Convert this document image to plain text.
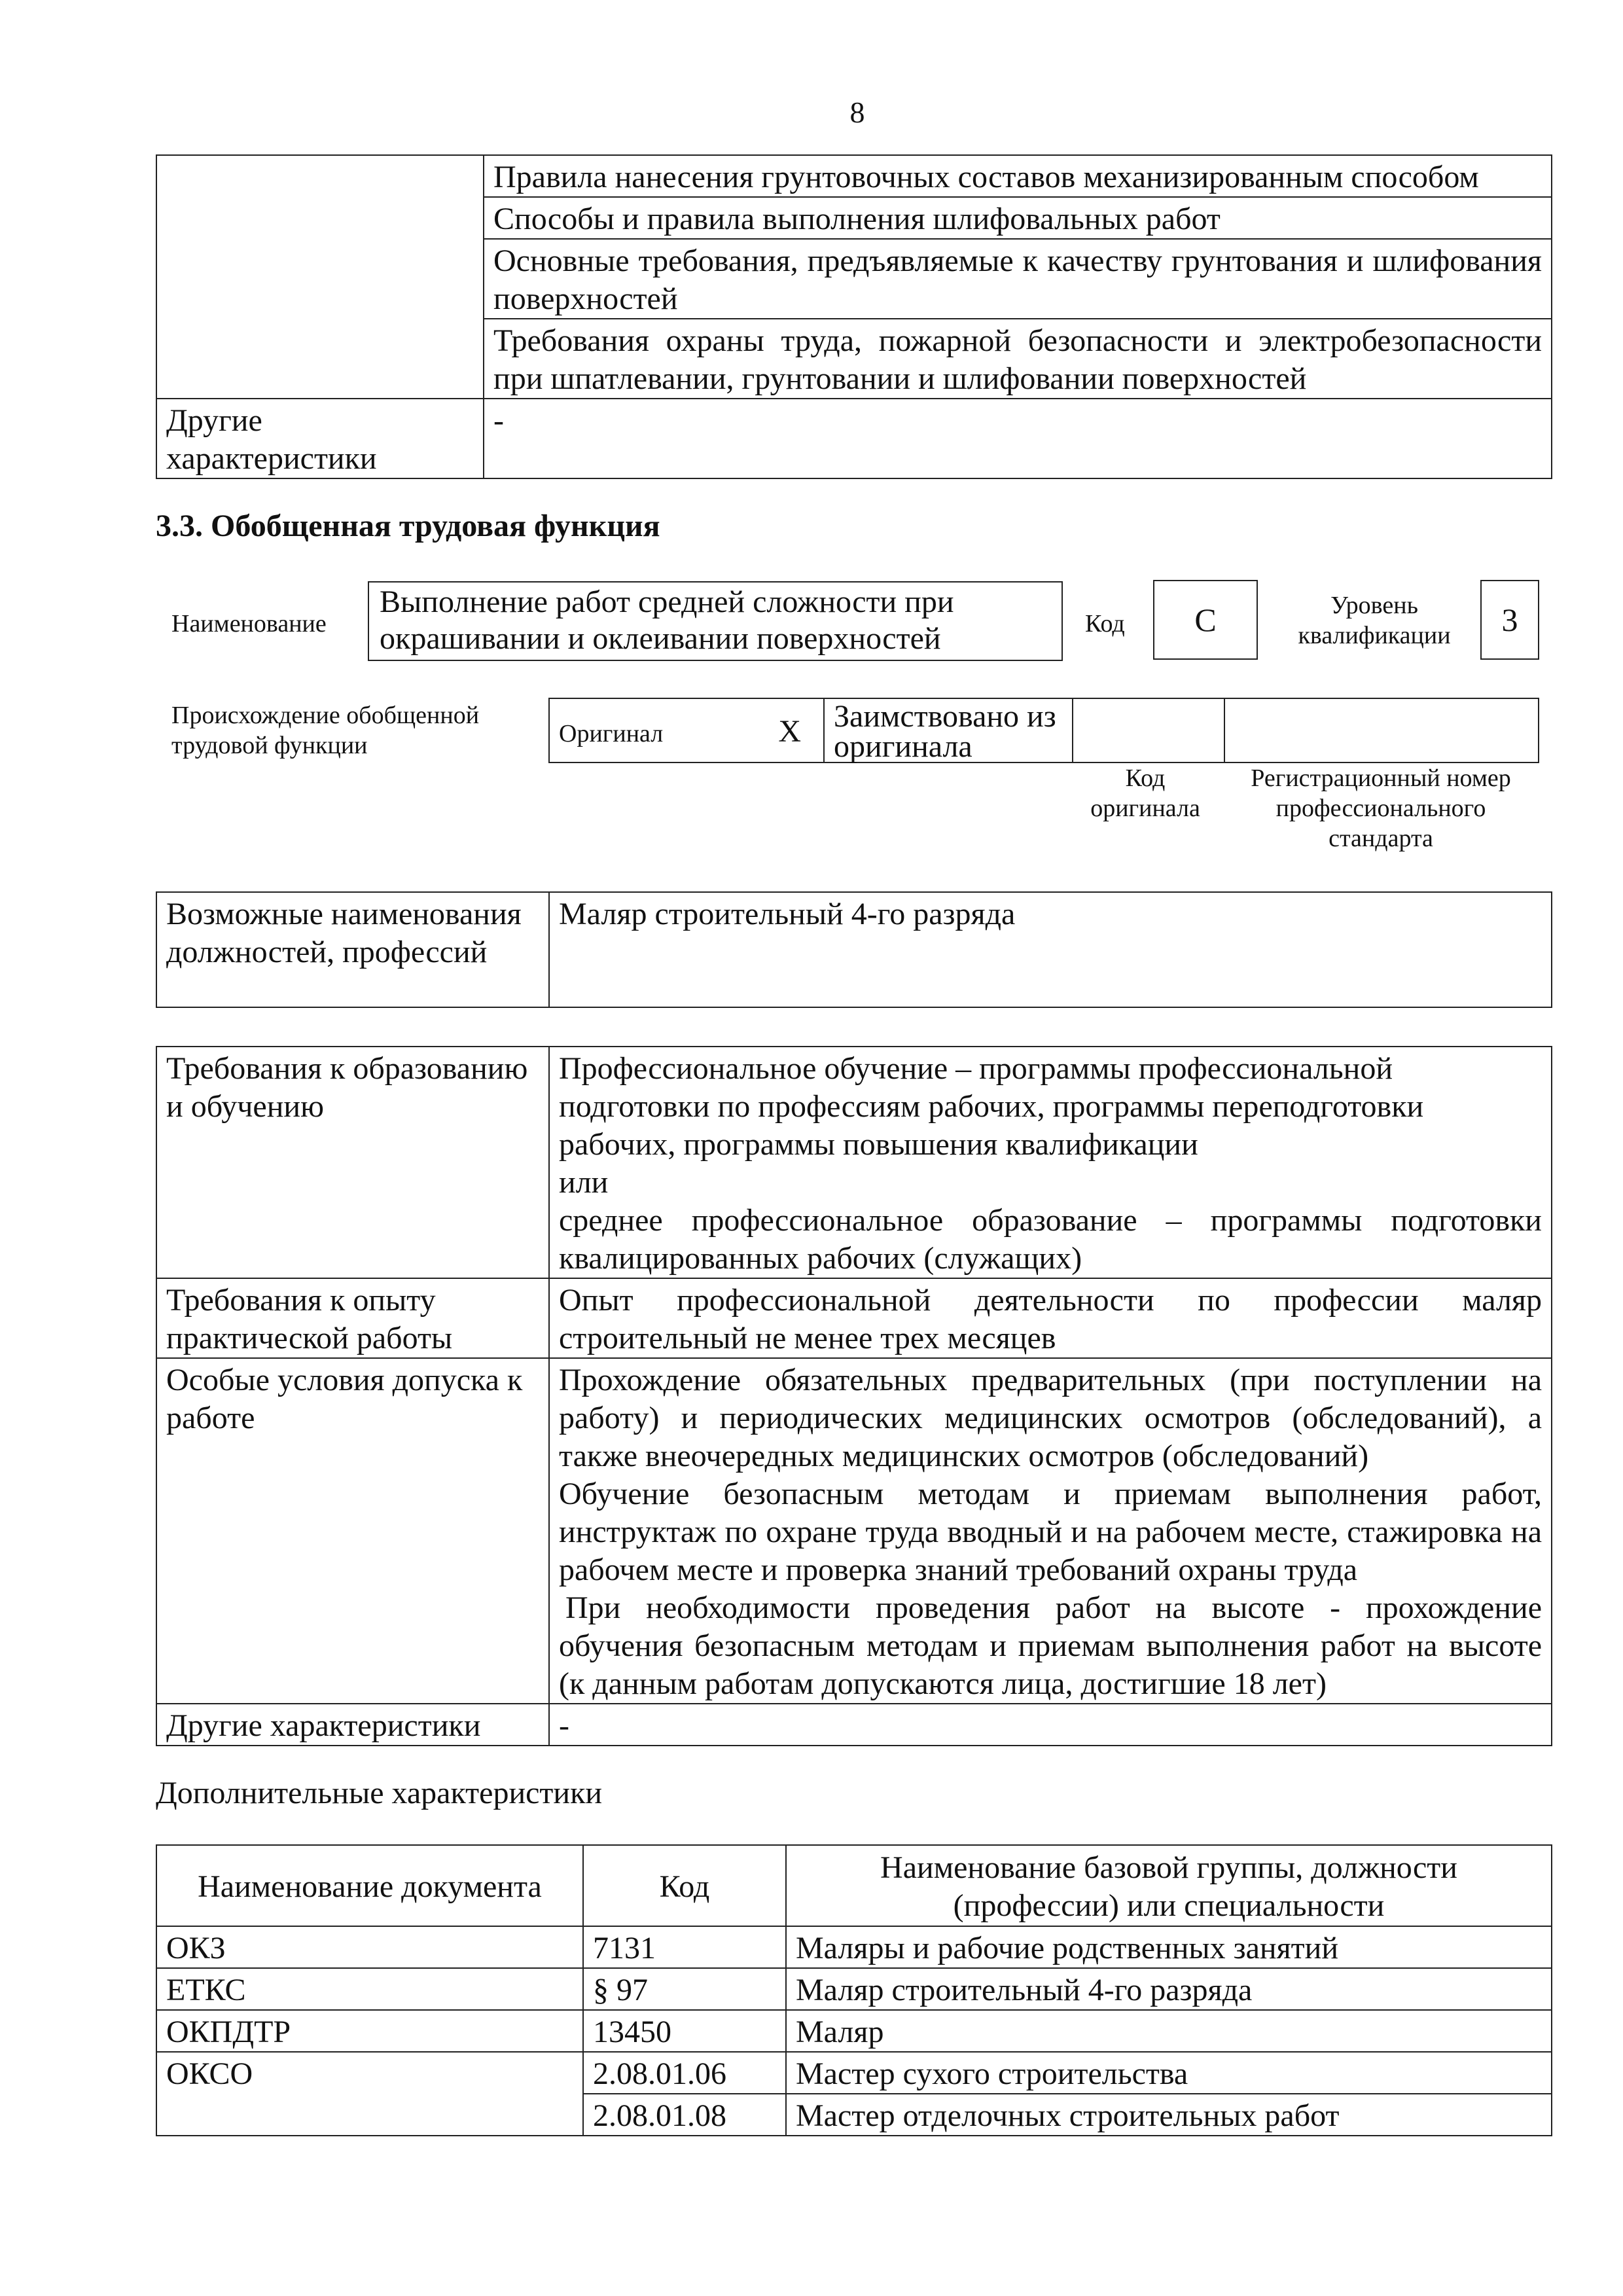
8
	Правила нанесения грунтовочных составов механизированным способом
	Способы и правила выполнения шлифовальных работ
	Основные требования, предъявляемые к качеству грунтования и шлифования поверхностей
	Требования охраны труда, пожарной безопасности и электробезопасности при шпатлевании, грунтовании и шлифовании поверхностей
Другие характеристики	-
3.3. Обобщенная трудовая функция
Наименование
Выполнение работ средней сложности при окрашивании и оклеивании поверхностей	Код	С	Уровень квалификации	3
Происхождение обобщенной трудовой функции	Оригинал	Х	Заимствовано из оригинала		
Код оригинала
Регистрационный номер профессионального стандарта
Возможные наименования должностей, профессий	Маляр строительный 4-го разряда
Требования к образованию и обучению	Профессиональное обучение – программы профессиональной подготовки по профессиям рабочих, программы переподготовки рабочих, программы повышения квалификации
или
среднее профессиональное образование – программы подготовки квалицированных рабочих (служащих)

Требования к опыту практической работы	Опыт профессиональной деятельности по профессии маляр строительный не менее трех месяцев
Особые условия допуска к работе	Прохождение обязательных предварительных (при поступлении на работу) и периодических медицинских осмотров (обследований), а также внеочередных медицинских осмотров (обследований)
Обучение безопасным методам и приемам выполнения работ, инструктаж по охране труда вводный и на рабочем месте, стажировка на рабочем месте и проверка знаний требований охраны труда
При необходимости проведения работ на высоте - прохождение обучения безопасным методам и приемам выполнения работ на высоте (к данным работам допускаются лица, достигшие 18 лет)

Другие характеристики	-
Дополнительные характеристики
Наименование документа	Код	Наименование базовой группы, должности (профессии) или специальности
ОКЗ	7131	Маляры и рабочие родственных занятий
ЕТКС	§ 97	Маляр строительный 4-го разряда
ОКПДТР	13450	Маляр
ОКСО	2.08.01.06	Мастер сухого строительства
	2.08.01.08	Мастер отделочных строительных работ
